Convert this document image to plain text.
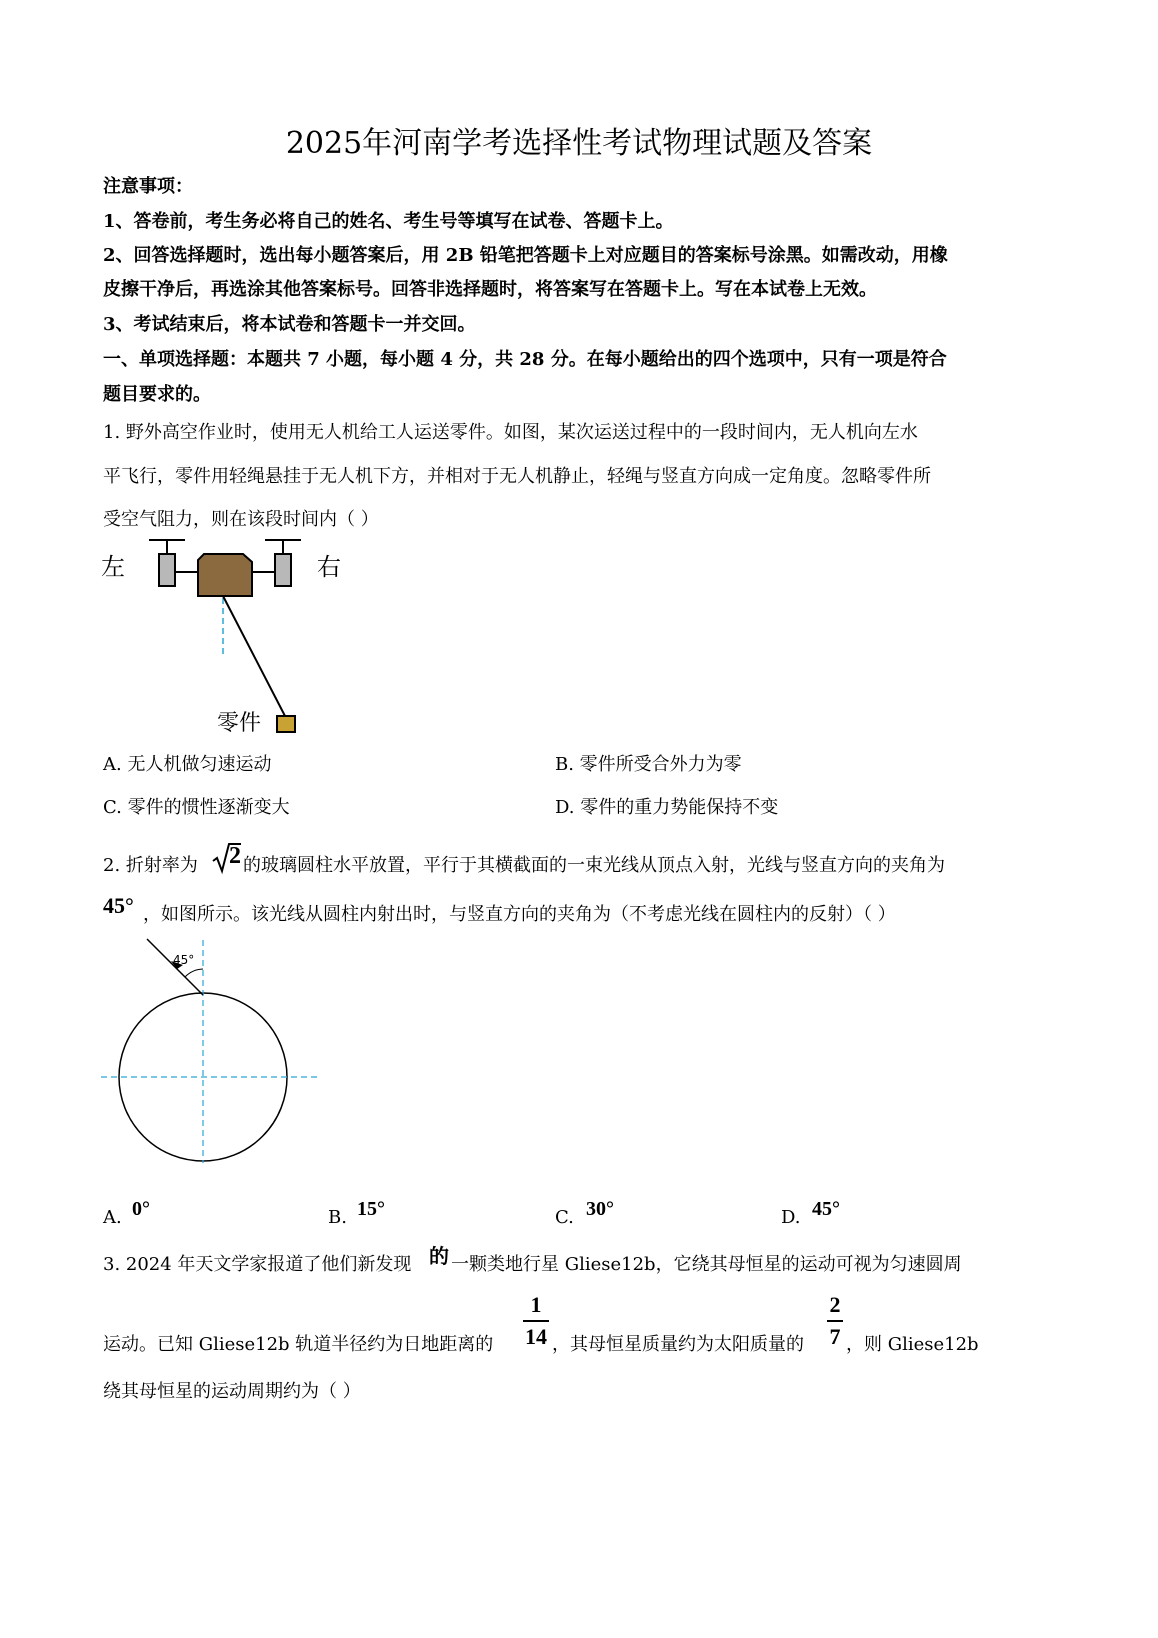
2025年河南学考选择性考试物理试题及答案
注意事项：
1、答卷前，考生务必将自己的姓名、考生号等填写在试卷、答题卡上。
2、回答选择题时，选出每小题答案后，用 2B 铅笔把答题卡上对应题目的答案标号涂黑。如需改动，用橡
皮擦干净后，再选涂其他答案标号。回答非选择题时，将答案写在答题卡上。写在本试卷上无效。
3、考试结束后，将本试卷和答题卡一并交回。
一、单项选择题：本题共 7 小题，每小题 4 分，共 28 分。在每小题给出的四个选项中，只有一项是符合
题目要求的。
1. 野外高空作业时，使用无人机给工人运送零件。如图，某次运送过程中的一段时间内，无人机向左水
平飞行，零件用轻绳悬挂于无人机下方，并相对于无人机静止，轻绳与竖直方向成一定角度。忽略零件所
受空气阻力，则在该段时间内（ ）
左	右
零件
A. 无人机做匀速运动	B. 零件所受合外力为零
C. 零件的惯性逐渐变大	D. 零件的重力势能保持不变
2. 折射率为 2 的玻璃圆柱水平放置，平行于其横截面的一束光线从顶点入射，光线与竖直方向的夹角为
45° ，如图所示。该光线从圆柱内射出时，与竖直方向的夹角为（不考虑光线在圆柱内的反射）（ ）
45°
A. 0°	B. 15°	C. 30°	D. 45°
3. 2024 年天文学家报道了他们新发现 的 一颗类地行星 Gliese12b，它绕其母恒星的运动可视为匀速圆周
运动。已知 Gliese12b 轨道半径约为日地距离的
1
14 ，其母恒星质量约为太阳质量的
2
7 ，则 Gliese12b
绕其母恒星的运动周期约为（ ）
